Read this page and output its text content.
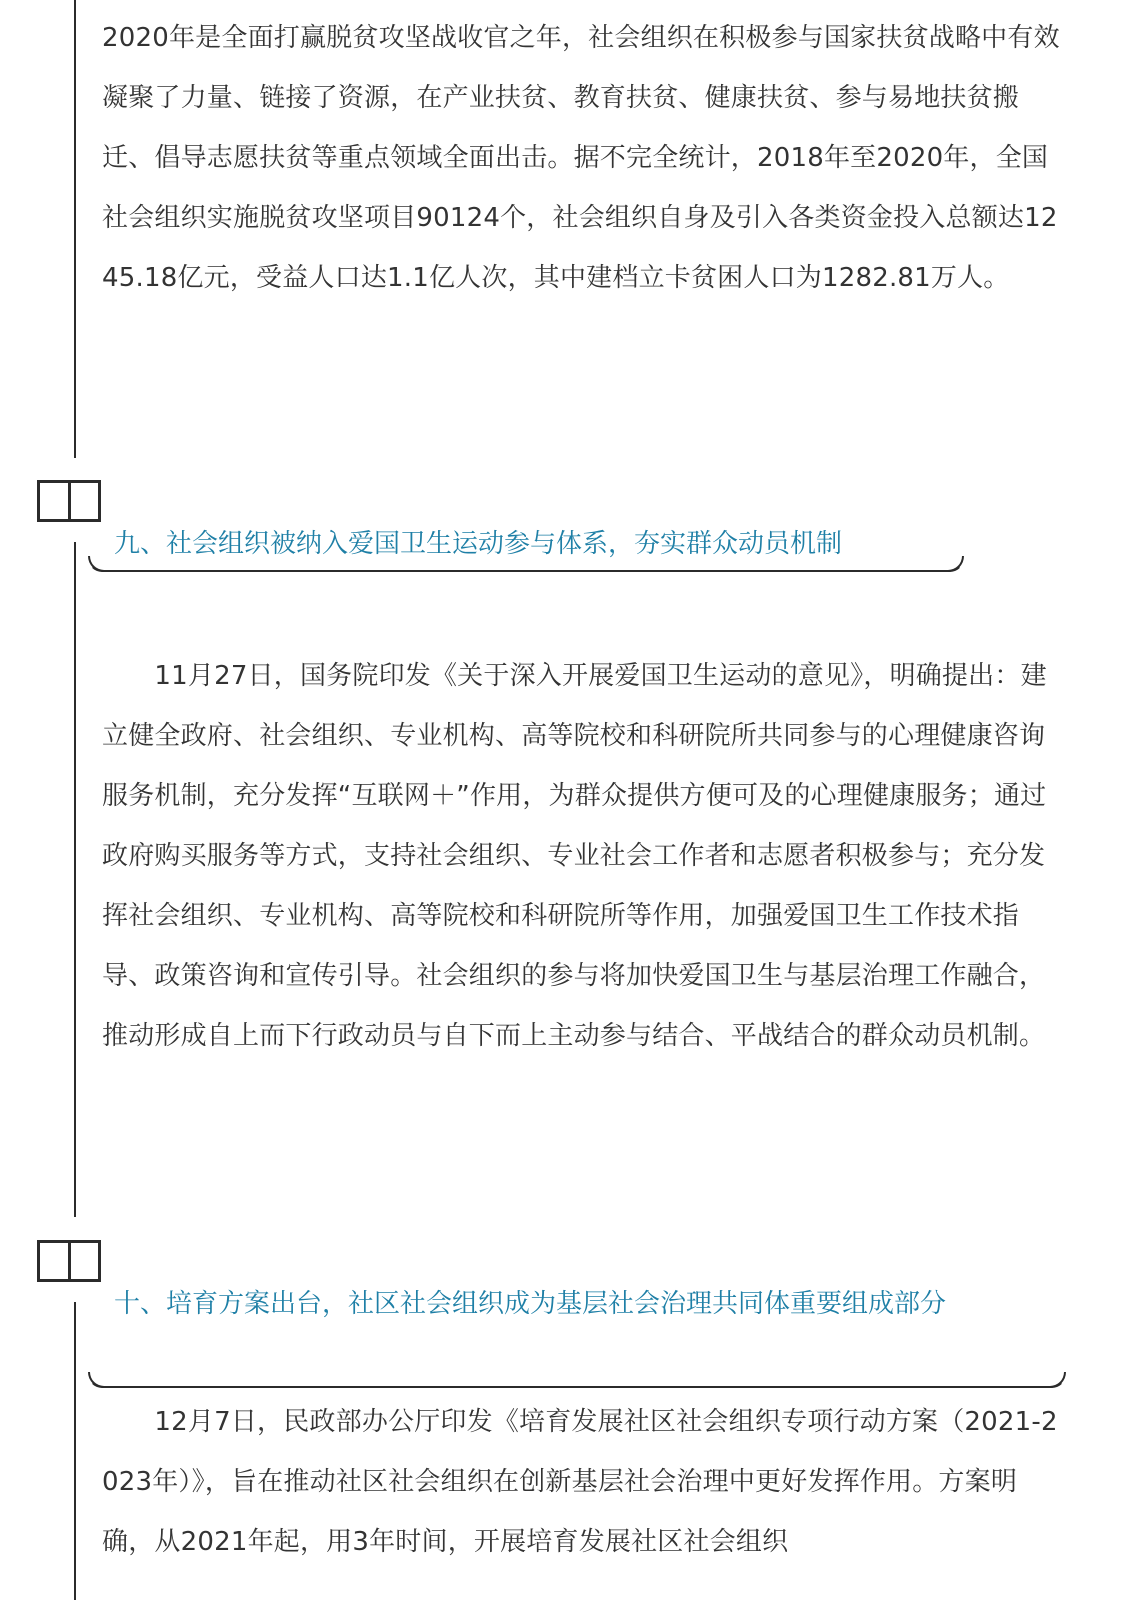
2020年是全面打赢脱贫攻坚战收官之年，社会组织在积极参与国家扶贫战略中有效凝聚了力量、链接了资源，在产业扶贫、教育扶贫、健康扶贫、参与易地扶贫搬迁、倡导志愿扶贫等重点领域全面出击。据不完全统计，2018年至2020年，全国社会组织实施脱贫攻坚项目90124个，社会组织自身及引入各类资金投入总额达1245.18亿元，受益人口达1.1亿人次，其中建档立卡贫困人口为1282.81万人。

九、社会组织被纳入爱国卫生运动参与体系，夯实群众动员机制

　　11月27日，国务院印发《关于深入开展爱国卫生运动的意见》，明确提出：建立健全政府、社会组织、专业机构、高等院校和科研院所共同参与的心理健康咨询服务机制，充分发挥“互联网＋”作用，为群众提供方便可及的心理健康服务；通过政府购买服务等方式，支持社会组织、专业社会工作者和志愿者积极参与；充分发挥社会组织、专业机构、高等院校和科研院所等作用，加强爱国卫生工作技术指导、政策咨询和宣传引导。社会组织的参与将加快爱国卫生与基层治理工作融合，推动形成自上而下行政动员与自下而上主动参与结合、平战结合的群众动员机制。

十、培育方案出台，社区社会组织成为基层社会治理共同体重要组成部分

　　12月7日，民政部办公厅印发《培育发展社区社会组织专项行动方案（2021-2023年）》，旨在推动社区社会组织在创新基层社会治理中更好发挥作用。方案明确，从2021年起，用3年时间，开展培育发展社区社会组织
